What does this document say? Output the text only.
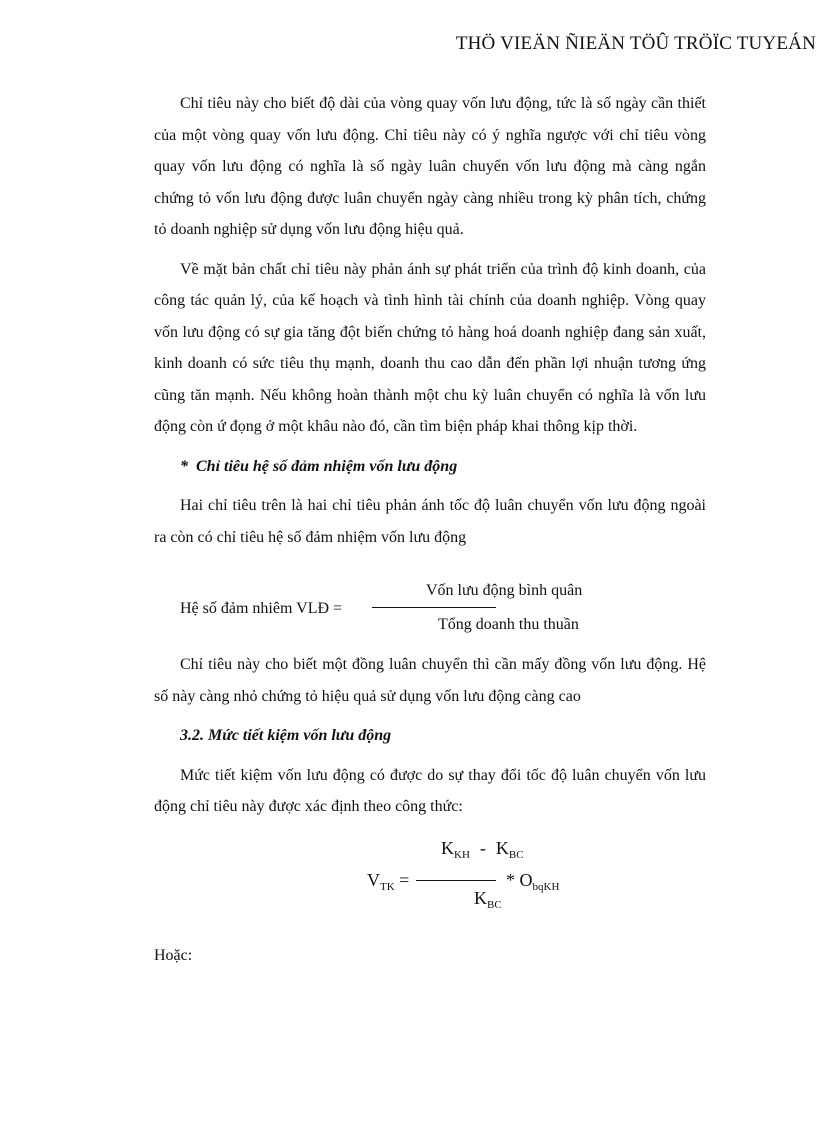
THÖ VIEÄN ÑIEÄN TÖÛ TRÖÏC TUYEÁN

Chỉ tiêu này cho biết độ dài của vòng quay vốn lưu động, tức là số ngày cần thiết của một vòng quay vốn lưu động. Chỉ tiêu này có ý nghĩa ngược với chỉ tiêu vòng quay vốn lưu động có nghĩa là số ngày luân chuyển vốn lưu động mà càng ngắn chứng tỏ vốn lưu động được luân chuyển ngày càng nhiều trong kỳ phân tích, chứng tỏ doanh nghiệp sử dụng vốn lưu động hiệu quả.

Về mặt bản chất chỉ tiêu này phản ánh sự phát triển của trình độ kinh doanh, của công tác quản lý, của kế hoạch và tình hình tài chính của doanh nghiệp. Vòng quay vốn lưu động có sự gia tăng đột biến chứng tỏ hàng hoá doanh nghiệp đang sản xuất, kinh doanh có sức tiêu thụ mạnh, doanh thu cao dẫn đến phần lợi nhuận tương ứng cũng tăn mạnh. Nếu không hoàn thành một chu kỳ luân chuyển có nghĩa là vốn lưu động còn ứ đọng ở một khâu nào đó, cần tìm biện pháp khai thông kịp thời.

* Chỉ tiêu hệ số đảm nhiệm vốn lưu động

Hai chỉ tiêu trên là hai chỉ tiêu phản ánh tốc độ luân chuyển vốn lưu động ngoài ra còn có chỉ tiêu hệ số đảm nhiệm vốn lưu động

Hệ số đảm nhiêm VLĐ =
Vốn lưu động bình quân
Tổng doanh thu thuần

Chỉ tiêu này cho biết một đồng luân chuyển thì cần mấy đồng vốn lưu động. Hệ số này càng nhỏ chứng tỏ hiệu quả sử dụng vốn lưu động càng cao

3.2. Mức tiết kiệm vốn lưu động

Mức tiết kiệm vốn lưu động có được do sự thay đổi tốc độ luân chuyển vốn lưu động chỉ tiêu này được xác định theo công thức:

$K_{KH} - K_{BC}$
$V_{TK}$ =	* $O_{bqKH}$
$K_{BC}$
Hoặc:
